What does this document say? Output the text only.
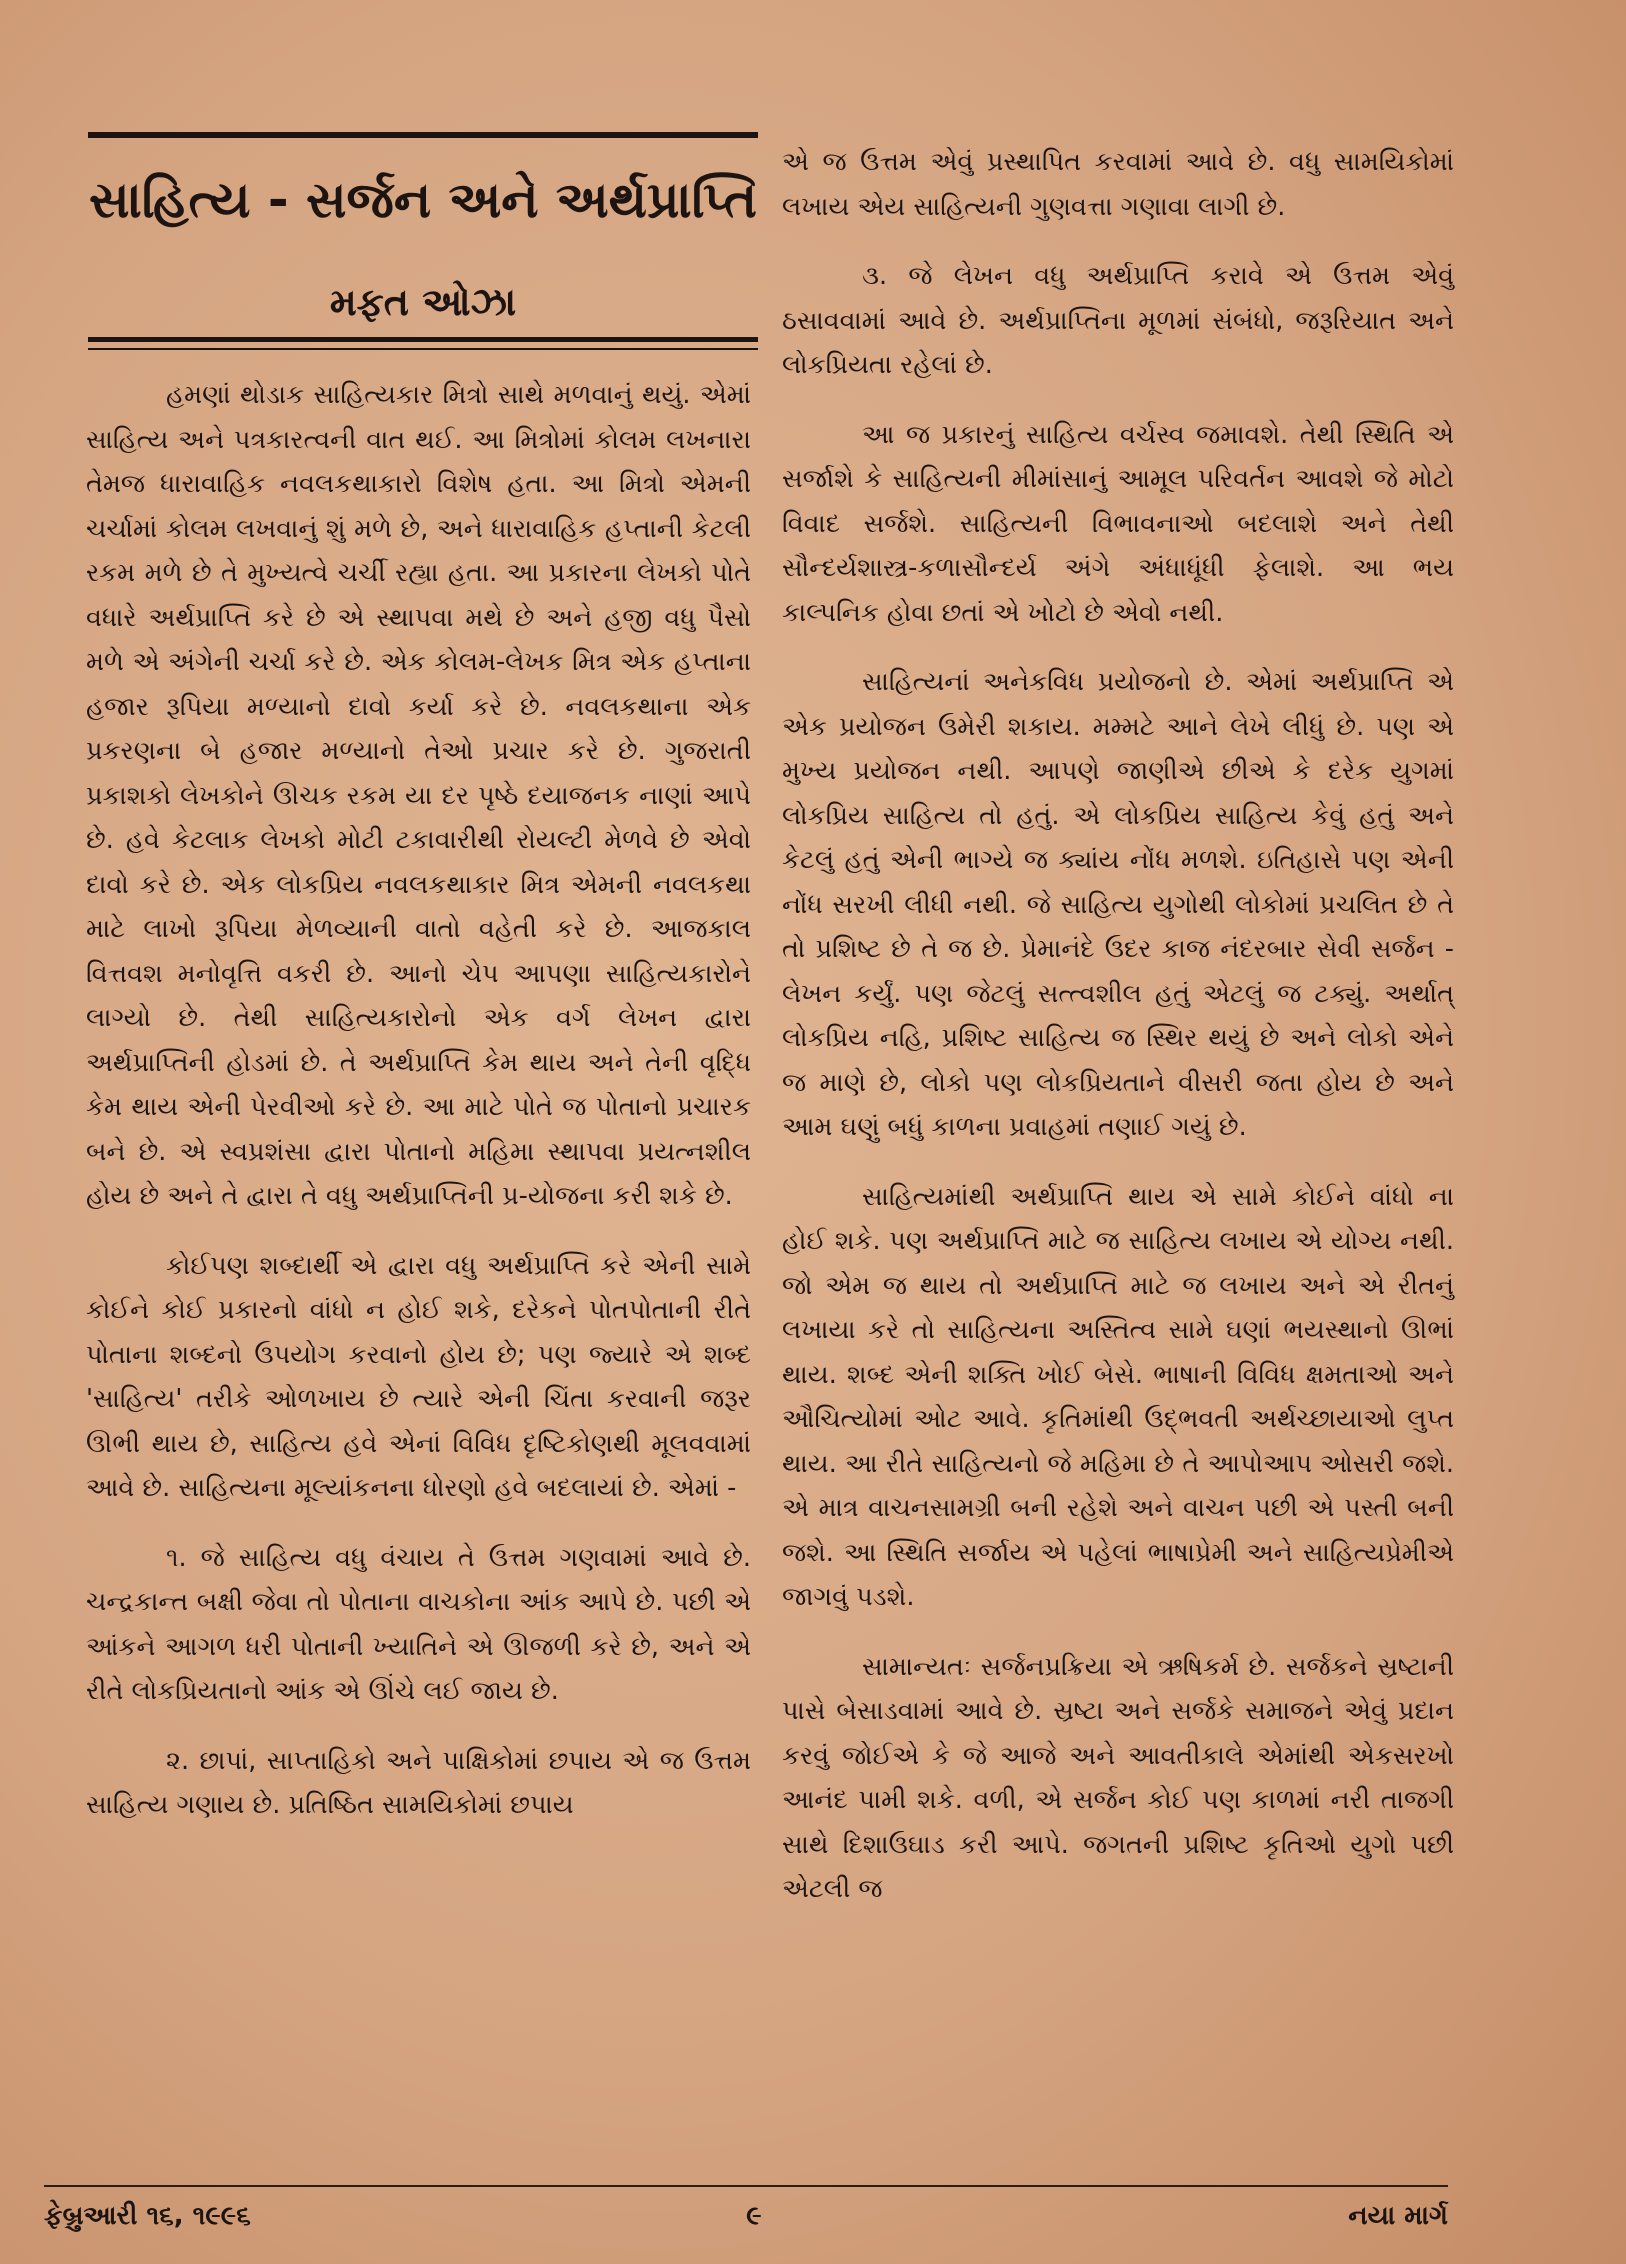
સાહિત્ય - સર્જન અને અર્થપ્રાપ્તિ
મફત ઓઝા

હમણાં થોડાક સાહિત્યકાર મિત્રો સાથે મળવાનું થયું. એમાં સાહિત્ય અને પત્રકારત્વની વાત થઈ. આ મિત્રોમાં કોલમ લખનારા તેમજ ધારાવાહિક નવલકથાકારો વિશેષ હતા. આ મિત્રો એમની ચર્ચામાં કોલમ લખવાનું શું મળે છે, અને ધારાવાહિક હપ્તાની કેટલી રકમ મળે છે તે મુખ્યત્વે ચર્ચી રહ્યા હતા. આ પ્રકારના લેખકો પોતે વધારે અર્થપ્રાપ્તિ કરે છે એ સ્થાપવા મથે છે અને હજી વધુ પૈસો મળે એ અંગેની ચર્ચા કરે છે. એક કોલમ-લેખક મિત્ર એક હપ્તાના હજાર રૂપિયા મળ્યાનો દાવો કર્યા કરે છે. નવલકથાના એક પ્રકરણના બે હજાર મળ્યાનો તેઓ પ્રચાર કરે છે. ગુજરાતી પ્રકાશકો લેખકોને ઊચક રકમ યા દર પૃષ્ઠે દયાજનક નાણાં આપે છે. હવે કેટલાક લેખકો મોટી ટકાવારીથી રોયલ્ટી મેળવે છે એવો દાવો કરે છે. એક લોકપ્રિય નવલકથાકાર મિત્ર એમની નવલકથા માટે લાખો રૂપિયા મેળવ્યાની વાતો વહેતી કરે છે. આજકાલ વિત્તવશ મનોવૃત્તિ વકરી છે. આનો ચેપ આપણા સાહિત્યકારોને લાગ્યો છે. તેથી સાહિત્યકારોનો એક વર્ગ લેખન દ્વારા અર્થપ્રાપ્તિની હોડમાં છે. તે અર્થપ્રાપ્તિ કેમ થાય અને તેની વૃદ્ધિ કેમ થાય એની પેરવીઓ કરે છે. આ માટે પોતે જ પોતાનો પ્રચારક બને છે. એ સ્વપ્રશંસા દ્વારા પોતાનો મહિમા સ્થાપવા પ્રયત્નશીલ હોય છે અને તે દ્વારા તે વધુ અર્થપ્રાપ્તિની પ્ર-યોજના કરી શકે છે.

કોઈપણ શબ્દાર્થી એ દ્વારા વધુ અર્થપ્રાપ્તિ કરે એની સામે કોઈને કોઈ પ્રકારનો વાંધો ન હોઈ શકે, દરેકને પોતપોતાની રીતે પોતાના શબ્દનો ઉપયોગ કરવાનો હોય છે; પણ જ્યારે એ શબ્દ 'સાહિત્ય' તરીકે ઓળખાય છે ત્યારે એની ચિંતા કરવાની જરૂર ઊભી થાય છે, સાહિત્ય હવે એનાં વિવિધ દૃષ્ટિકોણથી મૂલવવામાં આવે છે. સાહિત્યના મૂલ્યાંકનના ધોરણો હવે બદલાયાં છે. એમાં -

૧. જે સાહિત્ય વધુ વંચાય તે ઉત્તમ ગણવામાં આવે છે. ચન્દ્રકાન્ત બક્ષી જેવા તો પોતાના વાચકોના આંક આપે છે. પછી એ આંકને આગળ ધરી પોતાની ખ્યાતિને એ ઊજળી કરે છે, અને એ રીતે લોકપ્રિયતાનો આંક એ ઊંચે લઈ જાય છે.

૨. છાપાં, સાપ્તાહિકો અને પાક્ષિકોમાં છપાય એ જ ઉત્તમ સાહિત્ય ગણાય છે. પ્રતિષ્ઠિત સામયિકોમાં છપાય

એ જ ઉત્તમ એવું પ્રસ્થાપિત કરવામાં આવે છે. વધુ સામયિકોમાં લખાય એય સાહિત્યની ગુણવત્તા ગણાવા લાગી છે.

૩. જે લેખન વધુ અર્થપ્રાપ્તિ કરાવે એ ઉત્તમ એવું ઠસાવવામાં આવે છે. અર્થપ્રાપ્તિના મૂળમાં સંબંધો, જરૂરિયાત અને લોકપ્રિયતા રહેલાં છે.

આ જ પ્રકારનું સાહિત્ય વર્ચસ્વ જમાવશે. તેથી સ્થિતિ એ સર્જાશે કે સાહિત્યની મીમાંસાનું આમૂલ પરિવર્તન આવશે જે મોટો વિવાદ સર્જશે. સાહિત્યની વિભાવનાઓ બદલાશે અને તેથી સૌન્દર્યશાસ્ત્ર-કળાસૌન્દર્ય અંગે અંધાધૂંધી ફેલાશે. આ ભય કાલ્પનિક હોવા છતાં એ ખોટો છે એવો નથી.

સાહિત્યનાં અનેકવિધ પ્રયોજનો છે. એમાં અર્થપ્રાપ્તિ એ એક પ્રયોજન ઉમેરી શકાય. મમ્મટે આને લેખે લીધું છે. પણ એ મુખ્ય પ્રયોજન નથી. આપણે જાણીએ છીએ કે દરેક યુગમાં લોકપ્રિય સાહિત્ય તો હતું. એ લોકપ્રિય સાહિત્ય કેવું હતું અને કેટલું હતું એની ભાગ્યે જ ક્યાંય નોંધ મળશે. ઇતિહાસે પણ એની નોંધ સરખી લીધી નથી. જે સાહિત્ય યુગોથી લોકોમાં પ્રચલિત છે તે તો પ્રશિષ્ટ છે તે જ છે. પ્રેમાનંદે ઉદર કાજ નંદરબાર સેવી સર્જન - લેખન કર્યું. પણ જેટલું સત્ત્વશીલ હતું એટલું જ ટક્યું. અર્થાત્ લોકપ્રિય નહિ, પ્રશિષ્ટ સાહિત્ય જ સ્થિર થયું છે અને લોકો એને જ માણે છે, લોકો પણ લોકપ્રિયતાને વીસરી જતા હોય છે અને આમ ઘણું બધું કાળના પ્રવાહમાં તણાઈ ગયું છે.

સાહિત્યમાંથી અર્થપ્રાપ્તિ થાય એ સામે કોઈને વાંધો ના હોઈ શકે. પણ અર્થપ્રાપ્તિ માટે જ સાહિત્ય લખાય એ યોગ્ય નથી. જો એમ જ થાય તો અર્થપ્રાપ્તિ માટે જ લખાય અને એ રીતનું લખાયા કરે તો સાહિત્યના અસ્તિત્વ સામે ઘણાં ભયસ્થાનો ઊભાં થાય. શબ્દ એની શક્તિ ખોઈ બેસે. ભાષાની વિવિધ ક્ષમતાઓ અને ઔચિત્યોમાં ઓટ આવે. કૃતિમાંથી ઉદ્ભવતી અર્થચ્છાયાઓ લુપ્ત થાય. આ રીતે સાહિત્યનો જે મહિમા છે તે આપોઆપ ઓસરી જશે. એ માત્ર વાચનસામગ્રી બની રહેશે અને વાચન પછી એ પસ્તી બની જશે. આ સ્થિતિ સર્જાય એ પહેલાં ભાષાપ્રેમી અને સાહિત્યપ્રેમીએ જાગવું પડશે.

સામાન્યતઃ સર્જનપ્રક્રિયા એ ઋષિકર્મ છે. સર્જકને સ્રષ્ટાની પાસે બેસાડવામાં આવે છે. સ્રષ્ટા અને સર્જકે સમાજને એવું પ્રદાન કરવું જોઈએ કે જે આજે અને આવતીકાલે એમાંથી એકસરખો આનંદ પામી શકે. વળી, એ સર્જન કોઈ પણ કાળમાં નરી તાજગી સાથે દિશાઉઘાડ કરી આપે. જગતની પ્રશિષ્ટ કૃતિઓ યુગો પછી એટલી જ

ફેબ્રુઆરી ૧૬, ૧૯૯૬	૯	નયા માર્ગ
